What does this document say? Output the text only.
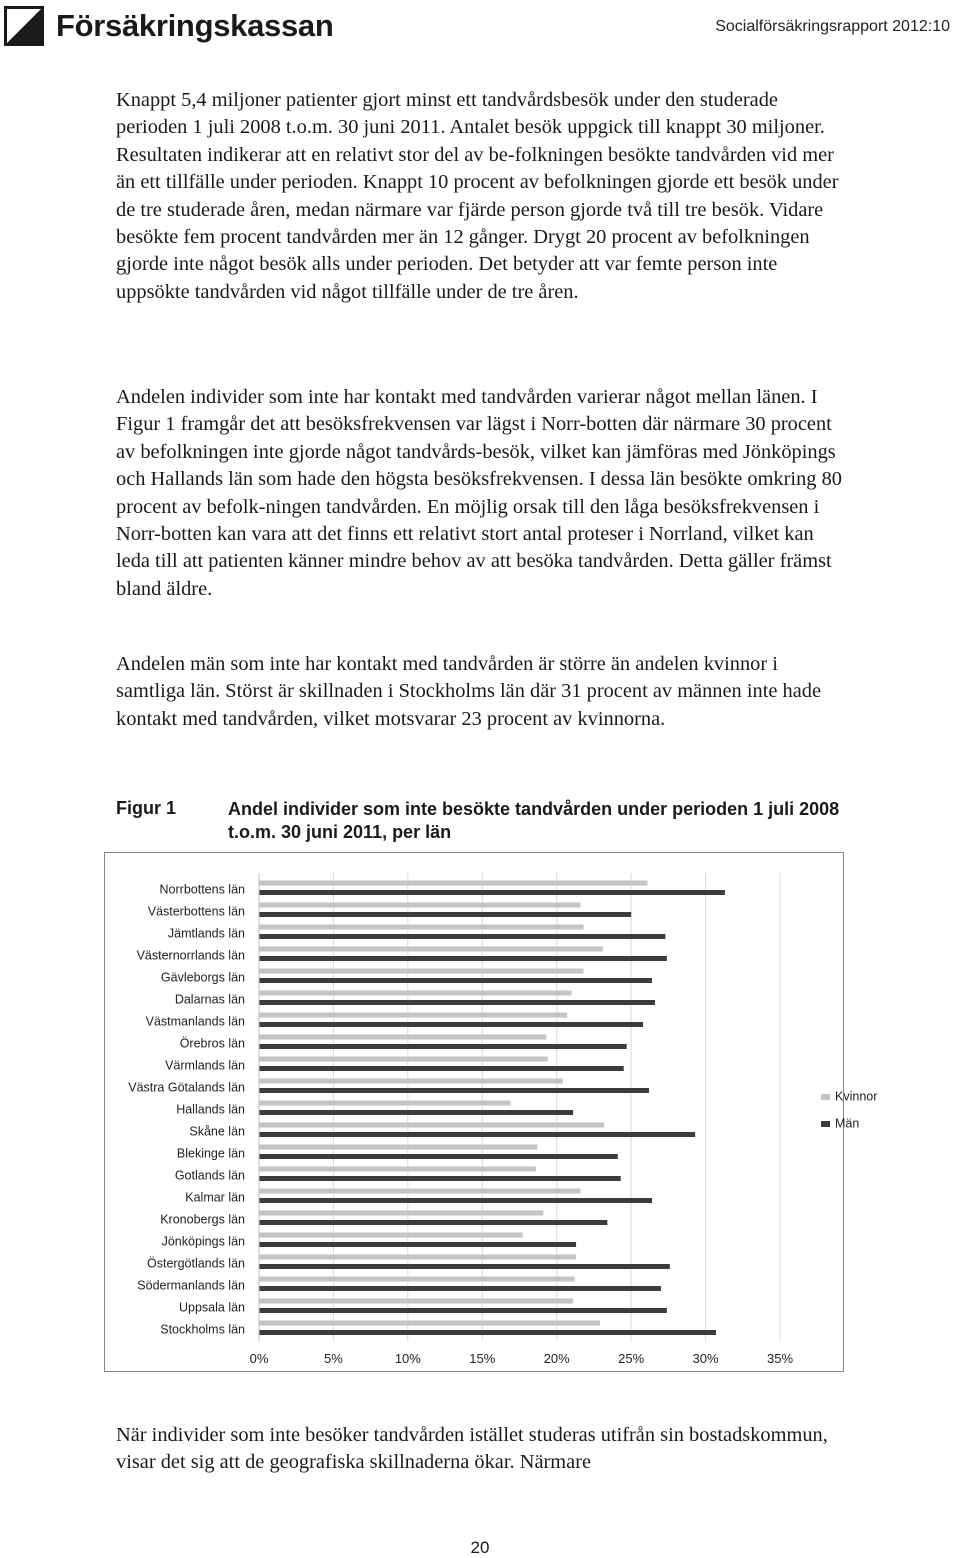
Försäkringskassan	Socialförsäkringsrapport 2012:10

Knappt 5,4 miljoner patienter gjort minst ett tandvårdsbesök under den studerade perioden 1 juli 2008 t.o.m. 30 juni 2011. Antalet besök uppgick till knappt 30 miljoner. Resultaten indikerar att en relativt stor del av be-folkningen besökte tandvården vid mer än ett tillfälle under perioden. Knappt 10 procent av befolkningen gjorde ett besök under de tre studerade åren, medan närmare var fjärde person gjorde två till tre besök. Vidare besökte fem procent tandvården mer än 12 gånger. Drygt 20 procent av befolkningen gjorde inte något besök alls under perioden. Det betyder att var femte person inte uppsökte tandvården vid något tillfälle under de tre åren.

Andelen individer som inte har kontakt med tandvården varierar något mellan länen. I Figur 1 framgår det att besöksfrekvensen var lägst i Norr-botten där närmare 30 procent av befolkningen inte gjorde något tandvårds-besök, vilket kan jämföras med Jönköpings och Hallands län som hade den högsta besöksfrekvensen. I dessa län besökte omkring 80 procent av befolk-ningen tandvården. En möjlig orsak till den låga besöksfrekvensen i Norr-botten kan vara att det finns ett relativt stort antal proteser i Norrland, vilket kan leda till att patienten känner mindre behov av att besöka tandvården. Detta gäller främst bland äldre.

Andelen män som inte har kontakt med tandvården är större än andelen kvinnor i samtliga län. Störst är skillnaden i Stockholms län där 31 procent av männen inte hade kontakt med tandvården, vilket motsvarar 23 procent av kvinnorna.

Figur 1	Andel individer som inte besökte tandvården under perioden 1 juli 2008 t.o.m. 30 juni 2011, per län
Norrbottens län
Västerbottens län
Jämtlands län
Västernorrlands län
Gävleborgs län
Dalarnas län
Västmanlands län
Örebros län
Värmlands län
Västra Götalands län
Hallands län
Skåne län
Blekinge län
Gotlands län
Kalmar län
Kronobergs län
Jönköpings län
Östergötlands län
Södermanlands län
Uppsala län
Stockholms län
0%	5%	10%	15%	20%	25%	30%	35%
Kvinnor
Män

När individer som inte besöker tandvården istället studeras utifrån sin bostadskommun, visar det sig att de geografiska skillnaderna ökar. Närmare

20
